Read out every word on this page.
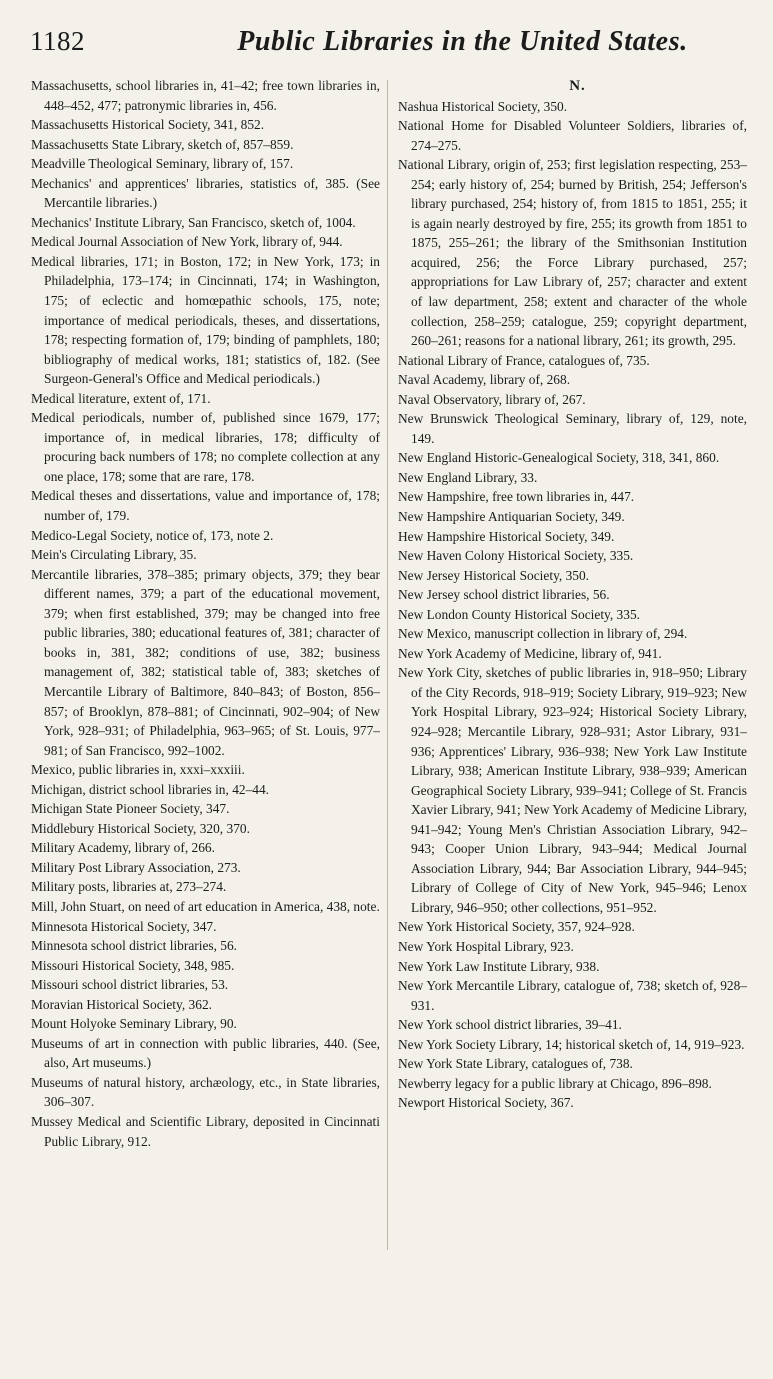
1182	Public Libraries in the United States.
Massachusetts, school libraries in, 41–42; free town libraries in, 448–452, 477; patronymic libraries in, 456.
Massachusetts Historical Society, 341, 852.
Massachusetts State Library, sketch of, 857–859.
Meadville Theological Seminary, library of, 157.
Mechanics' and apprentices' libraries, statistics of, 385. (See Mercantile libraries.)
Mechanics' Institute Library, San Francisco, sketch of, 1004.
Medical Journal Association of New York, library of, 944.
Medical libraries, 171; in Boston, 172; in New York, 173; in Philadelphia, 173–174; in Cincinnati, 174; in Washington, 175; of eclectic and homœpathic schools, 175, note; importance of medical periodicals, theses, and dissertations, 178; respecting formation of, 179; binding of pamphlets, 180; bibliography of medical works, 181; statistics of, 182. (See Surgeon-General's Office and Medical periodicals.)
Medical literature, extent of, 171.
Medical periodicals, number of, published since 1679, 177; importance of, in medical libraries, 178; difficulty of procuring back numbers of 178; no complete collection at any one place, 178; some that are rare, 178.
Medical theses and dissertations, value and importance of, 178; number of, 179.
Medico-Legal Society, notice of, 173, note 2.
Mein's Circulating Library, 35.
Mercantile libraries, 378–385; primary objects, 379; they bear different names, 379; a part of the educational movement, 379; when first established, 379; may be changed into free public libraries, 380; educational features of, 381; character of books in, 381, 382; conditions of use, 382; business management of, 382; statistical table of, 383; sketches of Mercantile Library of Baltimore, 840–843; of Boston, 856–857; of Brooklyn, 878–881; of Cincinnati, 902–904; of New York, 928–931; of Philadelphia, 963–965; of St. Louis, 977–981; of San Francisco, 992–1002.
Mexico, public libraries in, xxxi–xxxiii.
Michigan, district school libraries in, 42–44.
Michigan State Pioneer Society, 347.
Middlebury Historical Society, 320, 370.
Military Academy, library of, 266.
Military Post Library Association, 273.
Military posts, libraries at, 273–274.
Mill, John Stuart, on need of art education in America, 438, note.
Minnesota Historical Society, 347.
Minnesota school district libraries, 56.
Missouri Historical Society, 348, 985.
Missouri school district libraries, 53.
Moravian Historical Society, 362.
Mount Holyoke Seminary Library, 90.
Museums of art in connection with public libraries, 440. (See, also, Art museums.)
Museums of natural history, archæology, etc., in State libraries, 306–307.
Mussey Medical and Scientific Library, deposited in Cincinnati Public Library, 912.
N.
Nashua Historical Society, 350.
National Home for Disabled Volunteer Soldiers, libraries of, 274–275.
National Library, origin of, 253; first legislation respecting, 253–254; early history of, 254; burned by British, 254; Jefferson's library purchased, 254; history of, from 1815 to 1851, 255; it is again nearly destroyed by fire, 255; its growth from 1851 to 1875, 255–261; the library of the Smithsonian Institution acquired, 256; the Force Library purchased, 257; appropriations for Law Library of, 257; character and extent of law department, 258; extent and character of the whole collection, 258–259; catalogue, 259; copyright department, 260–261; reasons for a national library, 261; its growth, 295.
National Library of France, catalogues of, 735.
Naval Academy, library of, 268.
Naval Observatory, library of, 267.
New Brunswick Theological Seminary, library of, 129, note, 149.
New England Historic-Genealogical Society, 318, 341, 860.
New England Library, 33.
New Hampshire, free town libraries in, 447.
New Hampshire Antiquarian Society, 349.
Hew Hampshire Historical Society, 349.
New Haven Colony Historical Society, 335.
New Jersey Historical Society, 350.
New Jersey school district libraries, 56.
New London County Historical Society, 335.
New Mexico, manuscript collection in library of, 294.
New York Academy of Medicine, library of, 941.
New York City, sketches of public libraries in, 918–950; Library of the City Records, 918–919; Society Library, 919–923; New York Hospital Library, 923–924; Historical Society Library, 924–928; Mercantile Library, 928–931; Astor Library, 931–936; Apprentices' Library, 936–938; New York Law Institute Library, 938; American Institute Library, 938–939; American Geographical Society Library, 939–941; College of St. Francis Xavier Library, 941; New York Academy of Medicine Library, 941–942; Young Men's Christian Association Library, 942–943; Cooper Union Library, 943–944; Medical Journal Association Library, 944; Bar Association Library, 944–945; Library of College of City of New York, 945–946; Lenox Library, 946–950; other collections, 951–952.
New York Historical Society, 357, 924–928.
New York Hospital Library, 923.
New York Law Institute Library, 938.
New York Mercantile Library, catalogue of, 738; sketch of, 928–931.
New York school district libraries, 39–41.
New York Society Library, 14; historical sketch of, 14, 919–923.
New York State Library, catalogues of, 738.
Newberry legacy for a public library at Chicago, 896–898.
Newport Historical Society, 367.
